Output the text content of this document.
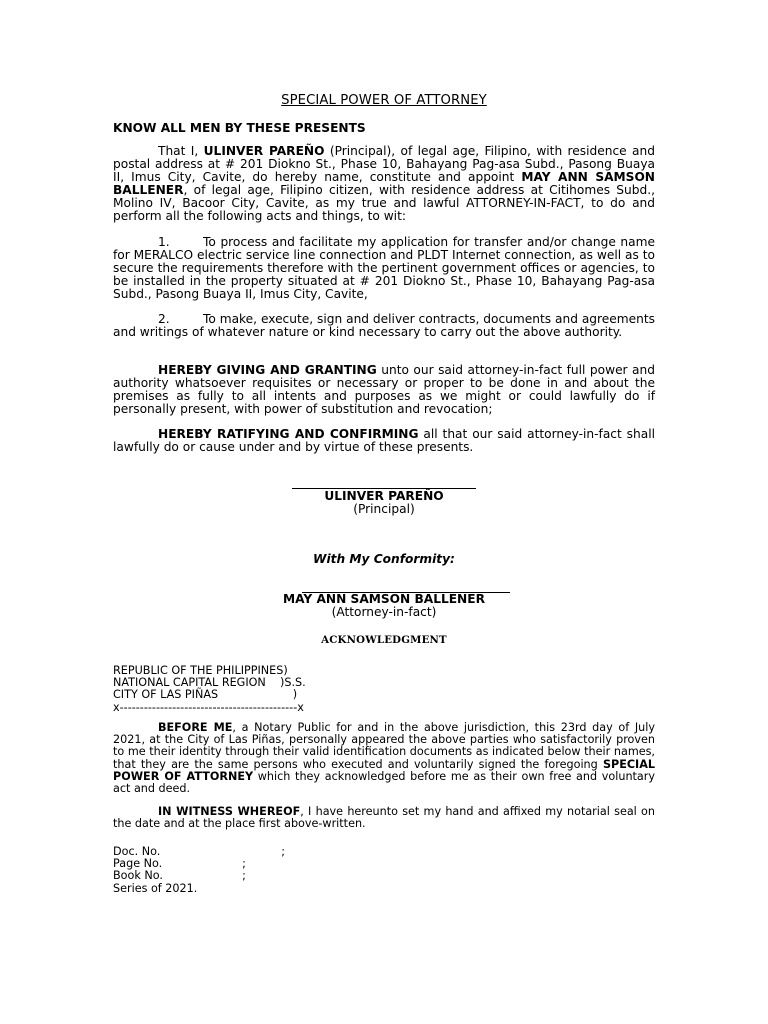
SPECIAL POWER OF ATTORNEY
KNOW ALL MEN BY THESE PRESENTS
That I, ULINVER PAREÑO (Principal), of legal age, Filipino, with residence and postal address at # 201 Diokno St., Phase 10, Bahayang Pag-asa Subd., Pasong Buaya II, Imus City, Cavite, do hereby name, constitute and appoint MAY ANN SAMSON BALLENER, of legal age, Filipino citizen, with residence address at Citihomes Subd., Molino IV, Bacoor City, Cavite, as my true and lawful ATTORNEY-IN-FACT, to do and perform all the following acts and things, to wit:
1.	To process and facilitate my application for transfer and/or change name for MERALCO electric service line connection and PLDT Internet connection, as well as to secure the requirements therefore with the pertinent government offices or agencies, to be installed in the property situated at # 201 Diokno St., Phase 10, Bahayang Pag-asa Subd., Pasong Buaya II, Imus City, Cavite,
2.	To make, execute, sign and deliver contracts, documents and agreements and writings of whatever nature or kind necessary to carry out the above authority.
HEREBY GIVING AND GRANTING unto our said attorney-in-fact full power and authority whatsoever requisites or necessary or proper to be done in and about the premises as fully to all intents and purposes as we might or could lawfully do if personally present, with power of substitution and revocation;
HEREBY RATIFYING AND CONFIRMING all that our said attorney-in-fact shall lawfully do or cause under and by virtue of these presents.
ULINVER PAREÑO
(Principal)
With My Conformity:
MAY ANN SAMSON BALLENER
(Attorney-in-fact)
ACKNOWLEDGMENT
REPUBLIC OF THE PHILIPPINES)
NATIONAL CAPITAL REGION    )S.S.
CITY OF LAS PIÑAS                     )
x--------------------------------------------x
BEFORE ME, a Notary Public for and in the above jurisdiction, this 23rd day of July 2021, at the City of Las Piñas, personally appeared the above parties who satisfactorily proven to me their identity through their valid identification documents as indicated below their names, that they are the same persons who executed and voluntarily signed the foregoing SPECIAL POWER OF ATTORNEY which they acknowledged before me as their own free and voluntary act and deed.
IN WITNESS WHEREOF, I have hereunto set my hand and affixed my notarial seal on the date and at the place first above-written.
Doc. No.	;
Page No.	;
Book No.	;
Series of 2021.
